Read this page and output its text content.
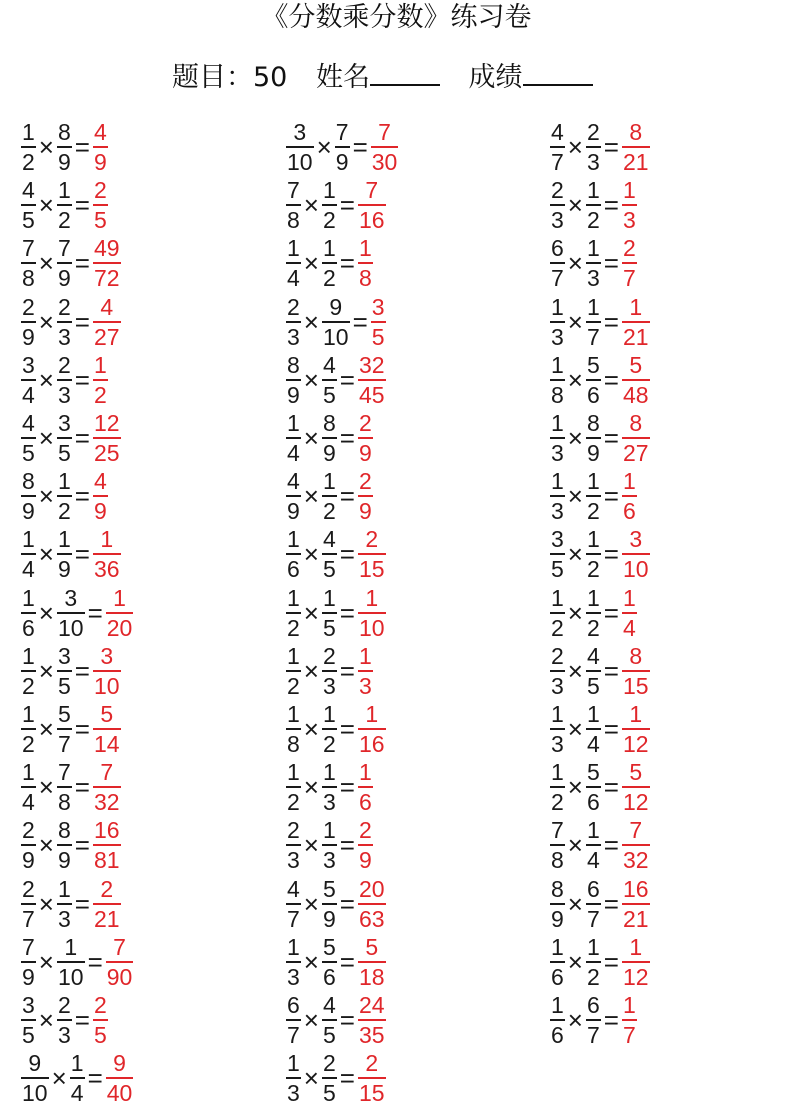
《分数乘分数》练习卷
题目：50 姓名	成绩
$\frac{1}{2} \times \frac{8}{9} = \frac{4}{9}$
$\frac{4}{5} \times \frac{1}{2} = \frac{2}{5}$
$\frac{7}{8} \times \frac{7}{9} = \frac{49}{72}$
$\frac{2}{9} \times \frac{2}{3} = \frac{4}{27}$
$\frac{3}{4} \times \frac{2}{3} = \frac{1}{2}$
$\frac{4}{5} \times \frac{3}{5} = \frac{12}{25}$
$\frac{8}{9} \times \frac{1}{2} = \frac{4}{9}$
$\frac{1}{4} \times \frac{1}{9} = \frac{1}{36}$
$\frac{1}{6} \times \frac{3}{10} = \frac{1}{20}$
$\frac{1}{2} \times \frac{3}{5} = \frac{3}{10}$
$\frac{1}{2} \times \frac{5}{7} = \frac{5}{14}$
$\frac{1}{4} \times \frac{7}{8} = \frac{7}{32}$
$\frac{2}{9} \times \frac{8}{9} = \frac{16}{81}$
$\frac{2}{7} \times \frac{1}{3} = \frac{2}{21}$
$\frac{7}{9} \times \frac{1}{10} = \frac{7}{90}$
$\frac{3}{5} \times \frac{2}{3} = \frac{2}{5}$
$\frac{9}{10} \times \frac{1}{4} = \frac{9}{40}$
$\frac{3}{10} \times \frac{7}{9} = \frac{7}{30}$
$\frac{7}{8} \times \frac{1}{2} = \frac{7}{16}$
$\frac{1}{4} \times \frac{1}{2} = \frac{1}{8}$
$\frac{2}{3} \times \frac{9}{10} = \frac{3}{5}$
$\frac{8}{9} \times \frac{4}{5} = \frac{32}{45}$
$\frac{1}{4} \times \frac{8}{9} = \frac{2}{9}$
$\frac{4}{9} \times \frac{1}{2} = \frac{2}{9}$
$\frac{1}{6} \times \frac{4}{5} = \frac{2}{15}$
$\frac{1}{2} \times \frac{1}{5} = \frac{1}{10}$
$\frac{1}{2} \times \frac{2}{3} = \frac{1}{3}$
$\frac{1}{8} \times \frac{1}{2} = \frac{1}{16}$
$\frac{1}{2} \times \frac{1}{3} = \frac{1}{6}$
$\frac{2}{3} \times \frac{1}{3} = \frac{2}{9}$
$\frac{4}{7} \times \frac{5}{9} = \frac{20}{63}$
$\frac{1}{3} \times \frac{5}{6} = \frac{5}{18}$
$\frac{6}{7} \times \frac{4}{5} = \frac{24}{35}$
$\frac{1}{3} \times \frac{2}{5} = \frac{2}{15}$
$\frac{4}{7} \times \frac{2}{3} = \frac{8}{21}$
$\frac{2}{3} \times \frac{1}{2} = \frac{1}{3}$
$\frac{6}{7} \times \frac{1}{3} = \frac{2}{7}$
$\frac{1}{3} \times \frac{1}{7} = \frac{1}{21}$
$\frac{1}{8} \times \frac{5}{6} = \frac{5}{48}$
$\frac{1}{3} \times \frac{8}{9} = \frac{8}{27}$
$\frac{1}{3} \times \frac{1}{2} = \frac{1}{6}$
$\frac{3}{5} \times \frac{1}{2} = \frac{3}{10}$
$\frac{1}{2} \times \frac{1}{2} = \frac{1}{4}$
$\frac{2}{3} \times \frac{4}{5} = \frac{8}{15}$
$\frac{1}{3} \times \frac{1}{4} = \frac{1}{12}$
$\frac{1}{2} \times \frac{5}{6} = \frac{5}{12}$
$\frac{7}{8} \times \frac{1}{4} = \frac{7}{32}$
$\frac{8}{9} \times \frac{6}{7} = \frac{16}{21}$
$\frac{1}{6} \times \frac{1}{2} = \frac{1}{12}$
$\frac{1}{6} \times \frac{6}{7} = \frac{1}{7}$
